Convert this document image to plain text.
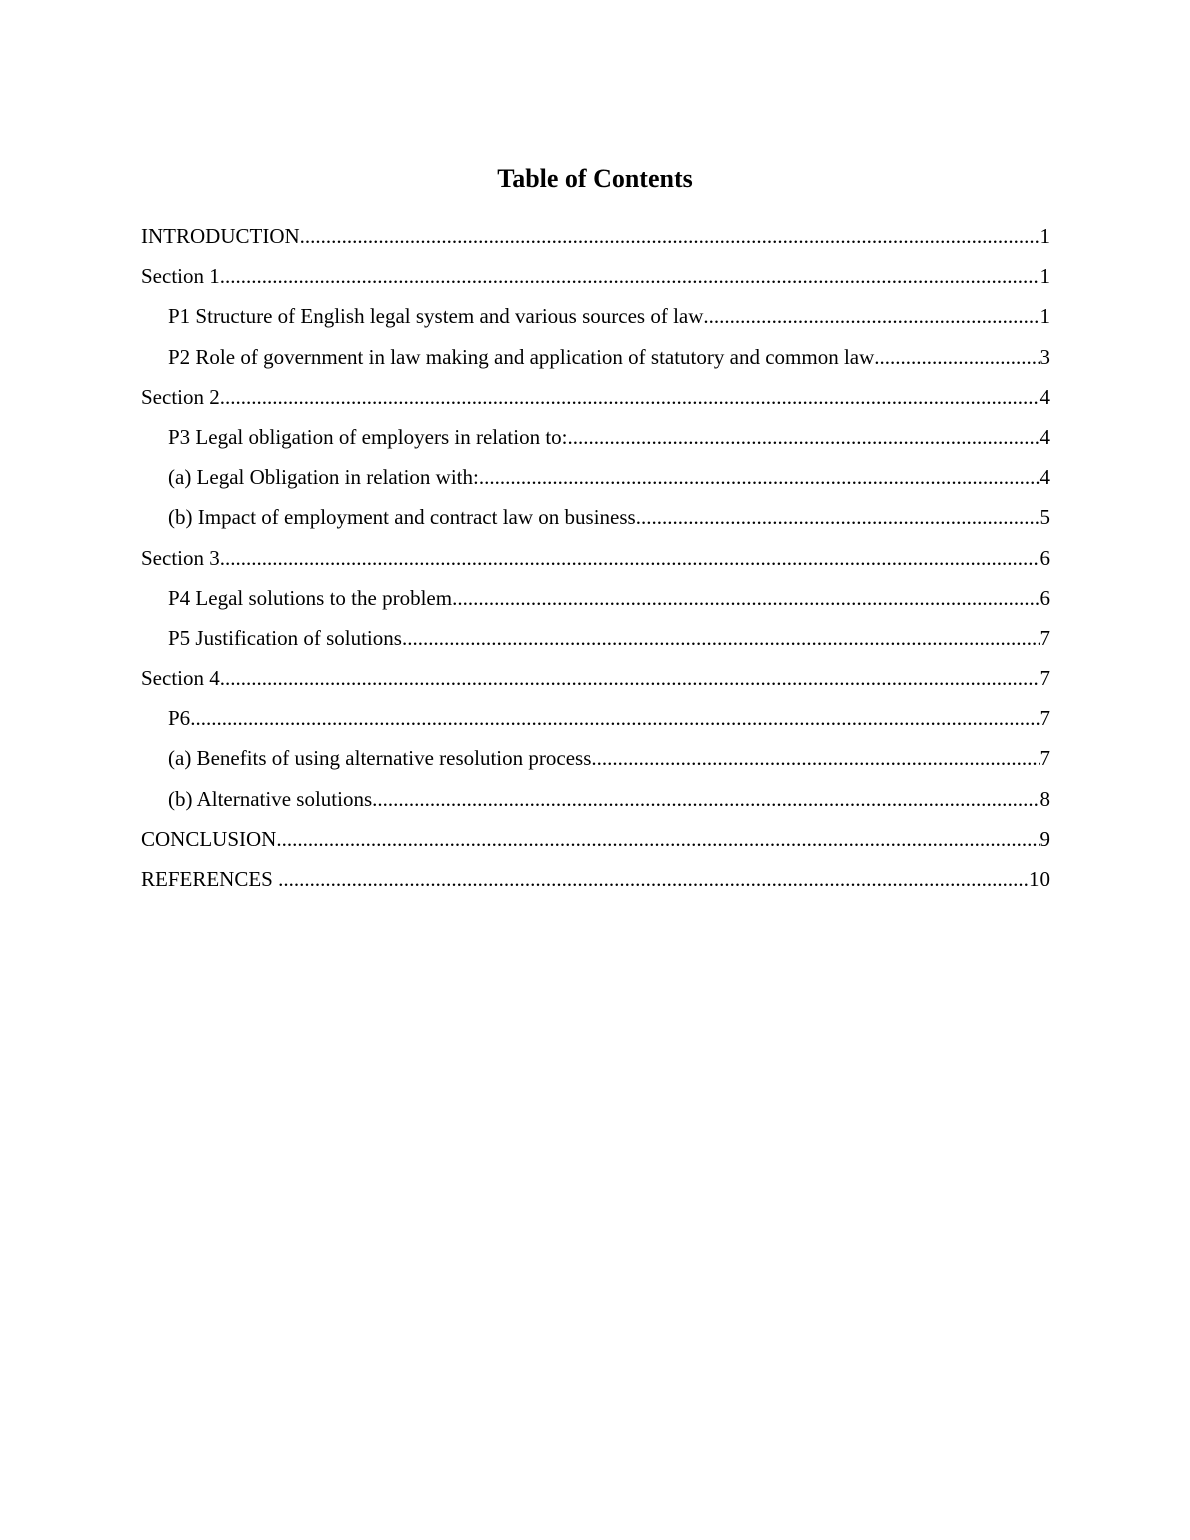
Table of Contents
INTRODUCTION .....	1
Section 1 .....	1
P1 Structure of English legal system and various sources of law .....	1
P2 Role of government in law making and application of statutory and common law .....	3
Section 2 .....	4
P3 Legal obligation of employers in relation to: .....	4
(a) Legal Obligation in relation with: .....	4
(b) Impact of employment and contract law on business .....	5
Section 3 .....	6
P4 Legal solutions to the problem .....	6
P5 Justification of solutions .....	7
Section 4 .....	7
P6 .....	7
(a) Benefits of using alternative resolution process .....	7
(b) Alternative solutions .....	8
CONCLUSION .....	9
REFERENCES .....	10
